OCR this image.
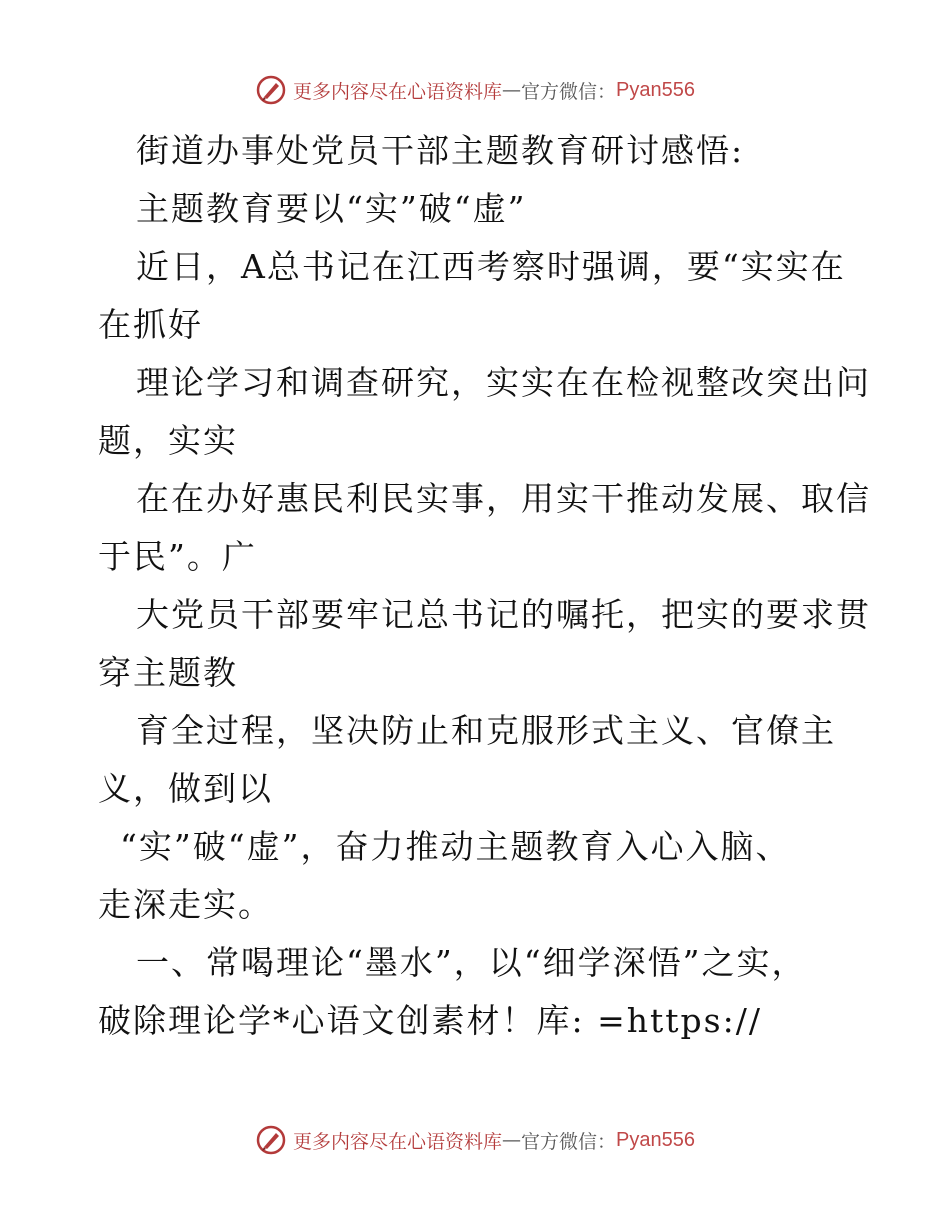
更多内容尽在心语资料库 — 官方微信： Pyan556
街道办事处党员干部主题教育研讨感悟:
主题教育要以“实”破“虚”
近日，A总书记在江西考察时强调，要“实实在
在抓好
理论学习和调查研究，实实在在检视整改突出问
题，实实
在在办好惠民利民实事，用实干推动发展、取信
于民”。广
大党员干部要牢记总书记的嘱托，把实的要求贯
穿主题教
育全过程，坚决防止和克服形式主义、官僚主
义，做到以
“实”破“虚”，奋力推动主题教育入心入脑、
走深走实。
一、常喝理论“墨水”，以“细学深悟”之实，
破除理论学*心语文创素材！库: =https://
更多内容尽在心语资料库 — 官方微信： Pyan556
